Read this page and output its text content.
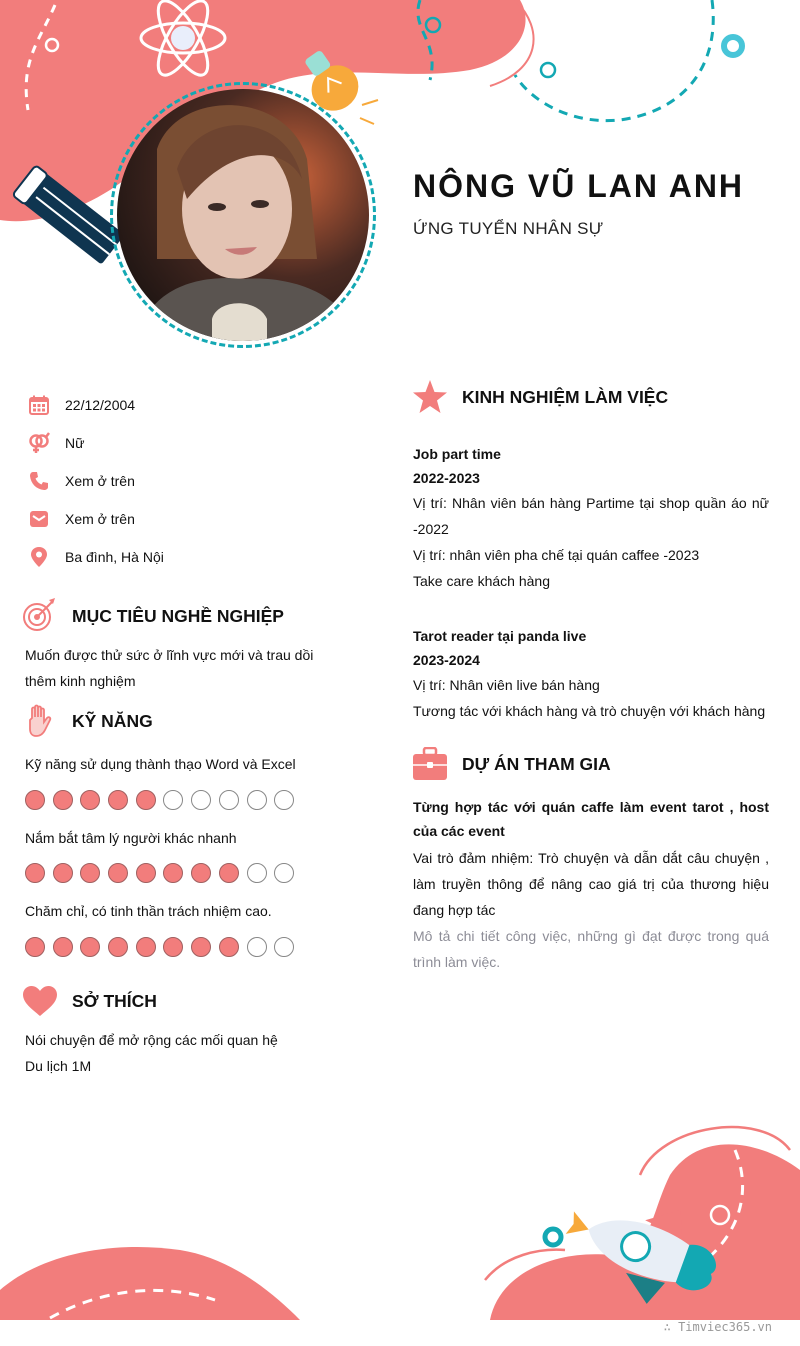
NÔNG VŨ LAN ANH
ỨNG TUYỂN NHÂN SỰ
22/12/2004
Nữ
Xem ở trên
Xem ở trên
Ba đình, Hà Nội
MỤC TIÊU NGHỀ NGHIỆP
Muốn được thử sức ở lĩnh vực mới và trau dồi thêm kinh nghiệm
KỸ NĂNG
Kỹ năng sử dụng thành thạo Word và Excel
Nắm bắt tâm lý người khác nhanh
Chăm chỉ, có tinh thần trách nhiệm cao.
SỞ THÍCH
Nói chuyện để mở rộng các mối quan hệ
Du lịch 1M
KINH NGHIỆM LÀM VIỆC
Job part time
2022-2023
Vị trí: Nhân viên bán hàng Partime tại shop quần áo nữ -2022
Vị trí: nhân viên pha chế tại quán caffee -2023
Take care khách hàng
Tarot reader tại panda live
2023-2024
Vị trí: Nhân viên live bán hàng
Tương tác với khách hàng và trò chuyện với khách hàng
DỰ ÁN THAM GIA
Từng hợp tác với quán caffe làm event tarot , host của các event
Vai trò đảm nhiệm: Trò chuyện và dẫn dắt câu chuyện , làm truyền thông để nâng cao giá trị của thương hiệu đang hợp tác
Mô tả chi tiết công việc, những gì đạt được trong quá trình làm việc.
∴ Timviec365.vn
